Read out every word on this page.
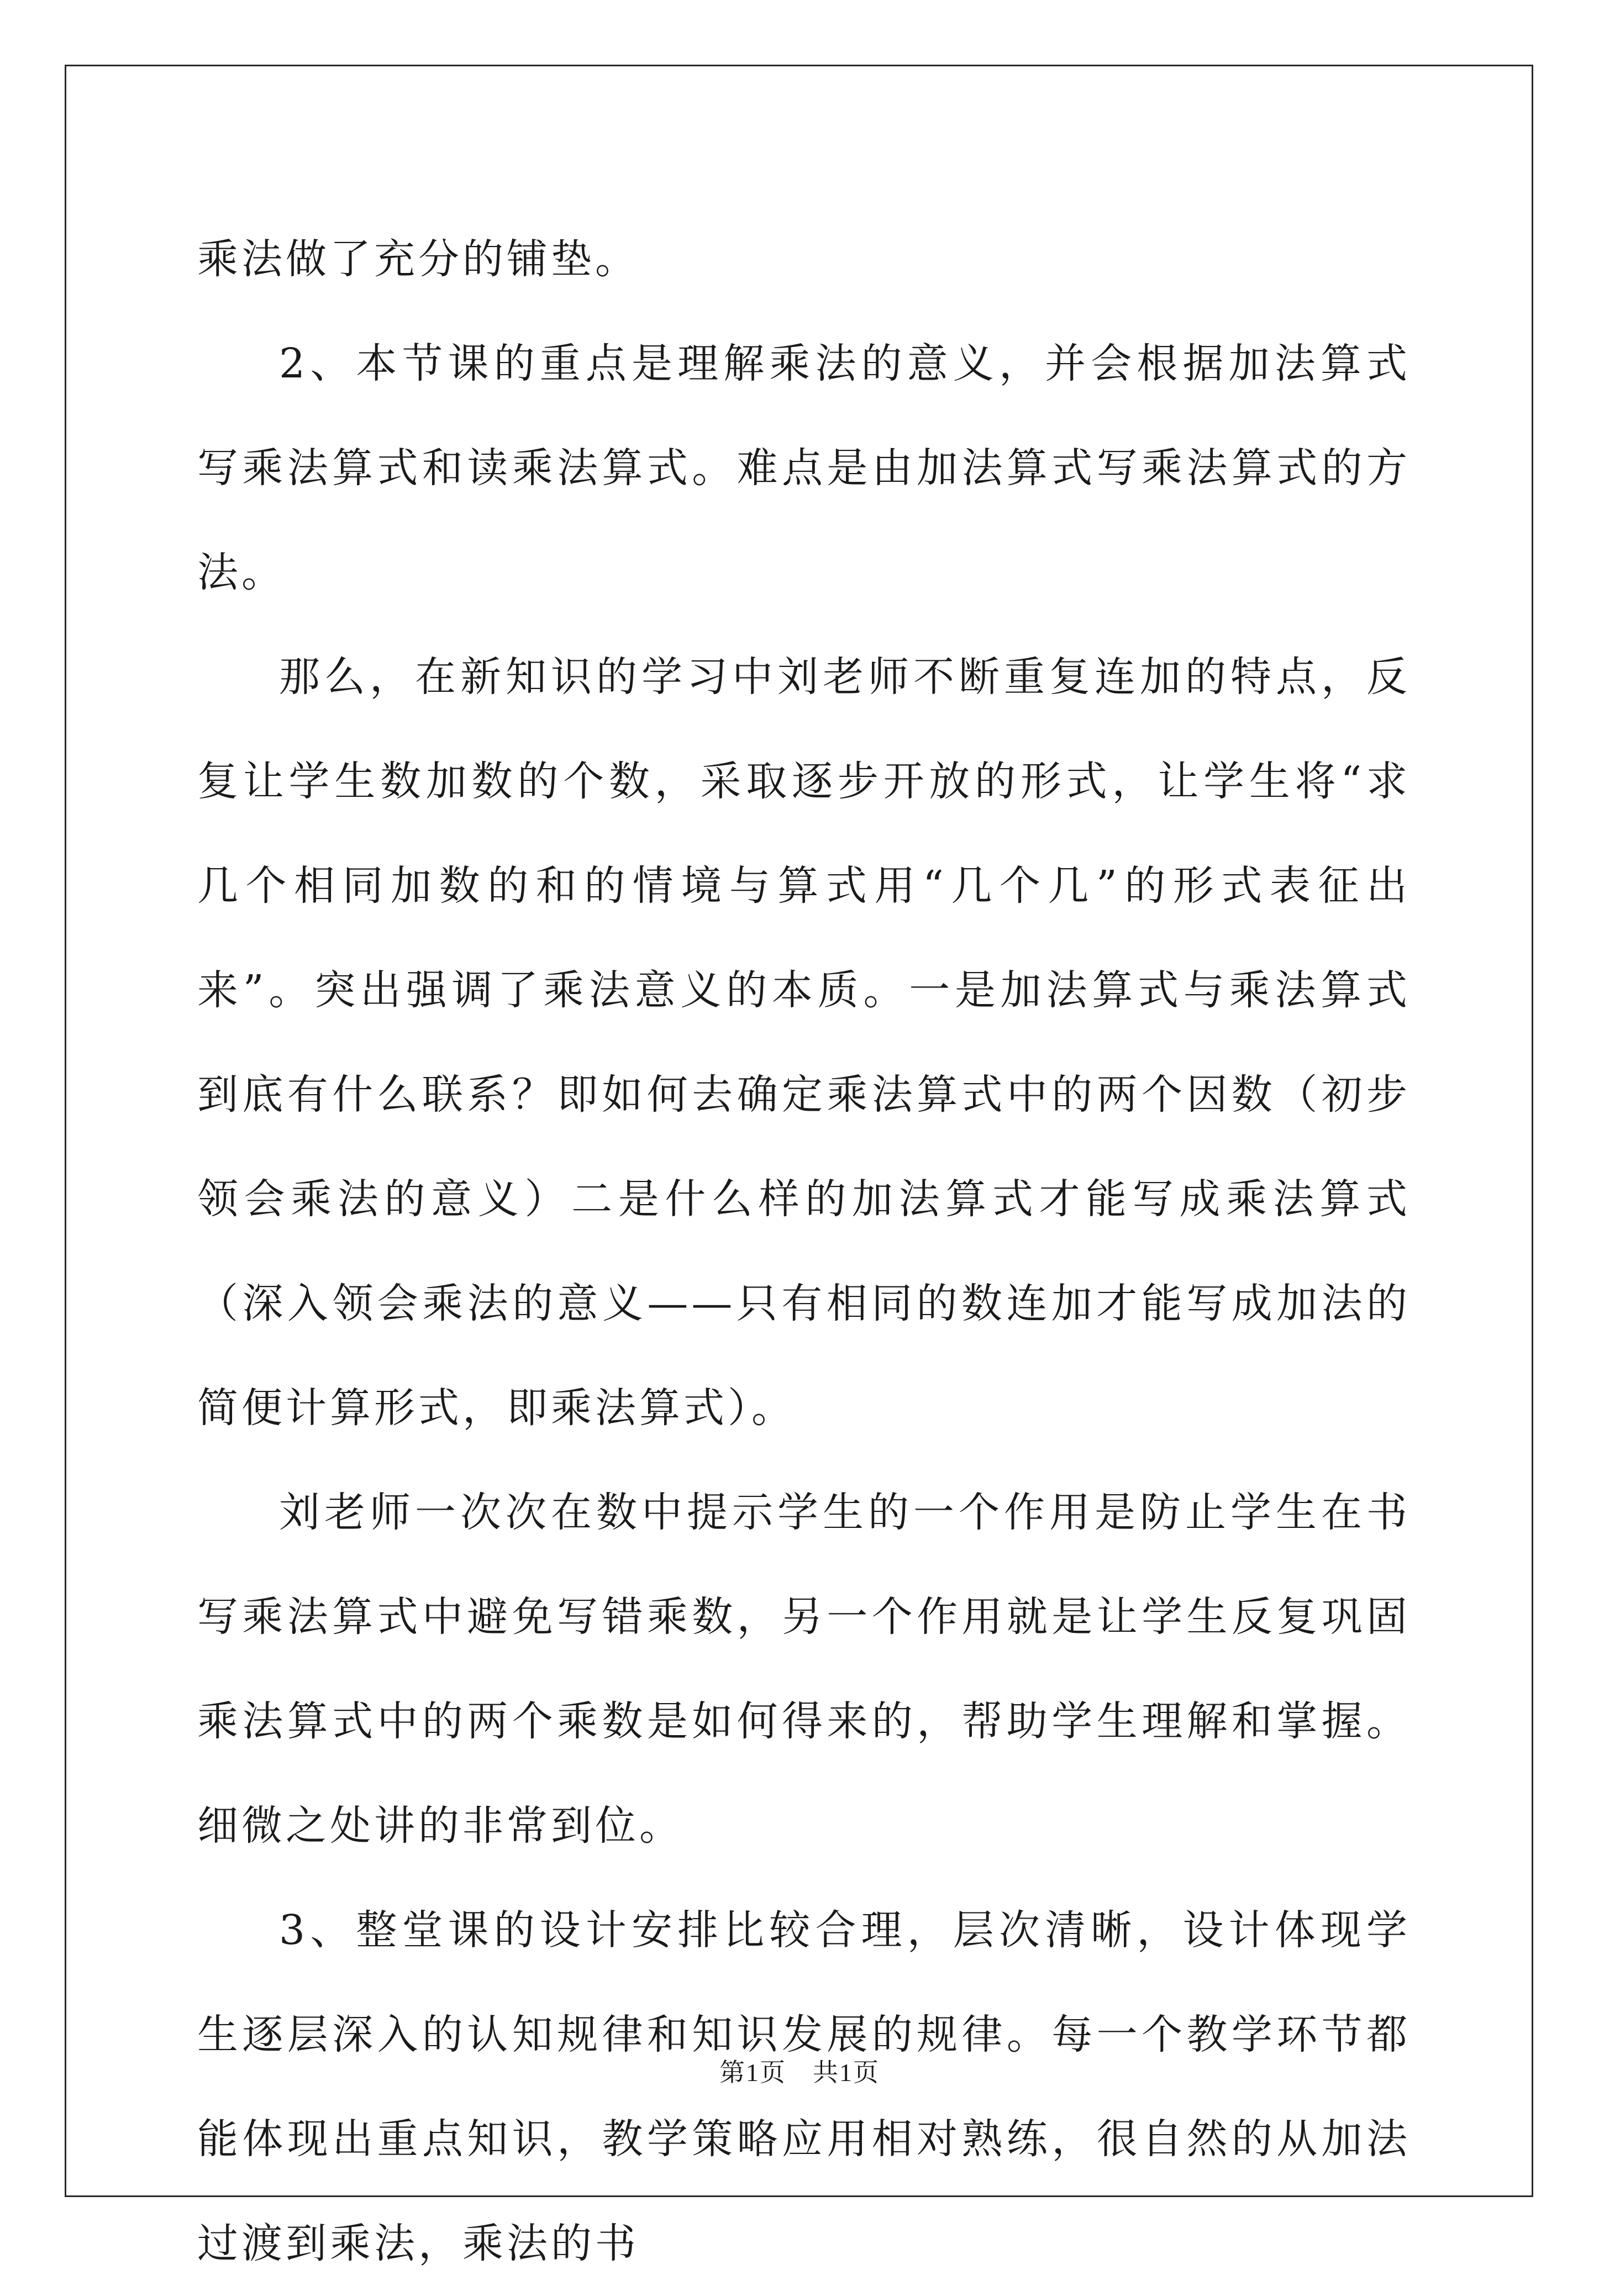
乘法做了充分的铺垫。

2、本节课的重点是理解乘法的意义，并会根据加法算式写乘法算式和读乘法算式。难点是由加法算式写乘法算式的方法。

那么，在新知识的学习中刘老师不断重复连加的特点，反复让学生数加数的个数，采取逐步开放的形式，让学生将“求几个相同加数的和的情境与算式用“几个几”的形式表征出来”。突出强调了乘法意义的本质。一是加法算式与乘法算式到底有什么联系？即如何去确定乘法算式中的两个因数（初步领会乘法的意义）二是什么样的加法算式才能写成乘法算式（深入领会乘法的意义——只有相同的数连加才能写成加法的简便计算形式，即乘法算式）。

刘老师一次次在数中提示学生的一个作用是防止学生在书写乘法算式中避免写错乘数，另一个作用就是让学生反复巩固乘法算式中的两个乘数是如何得来的，帮助学生理解和掌握。细微之处讲的非常到位。

3、整堂课的设计安排比较合理，层次清晰，设计体现学生逐层深入的认知规律和知识发展的规律。每一个教学环节都能体现出重点知识，教学策略应用相对熟练，很自然的从加法过渡到乘法，乘法的书

第1页　共1页
